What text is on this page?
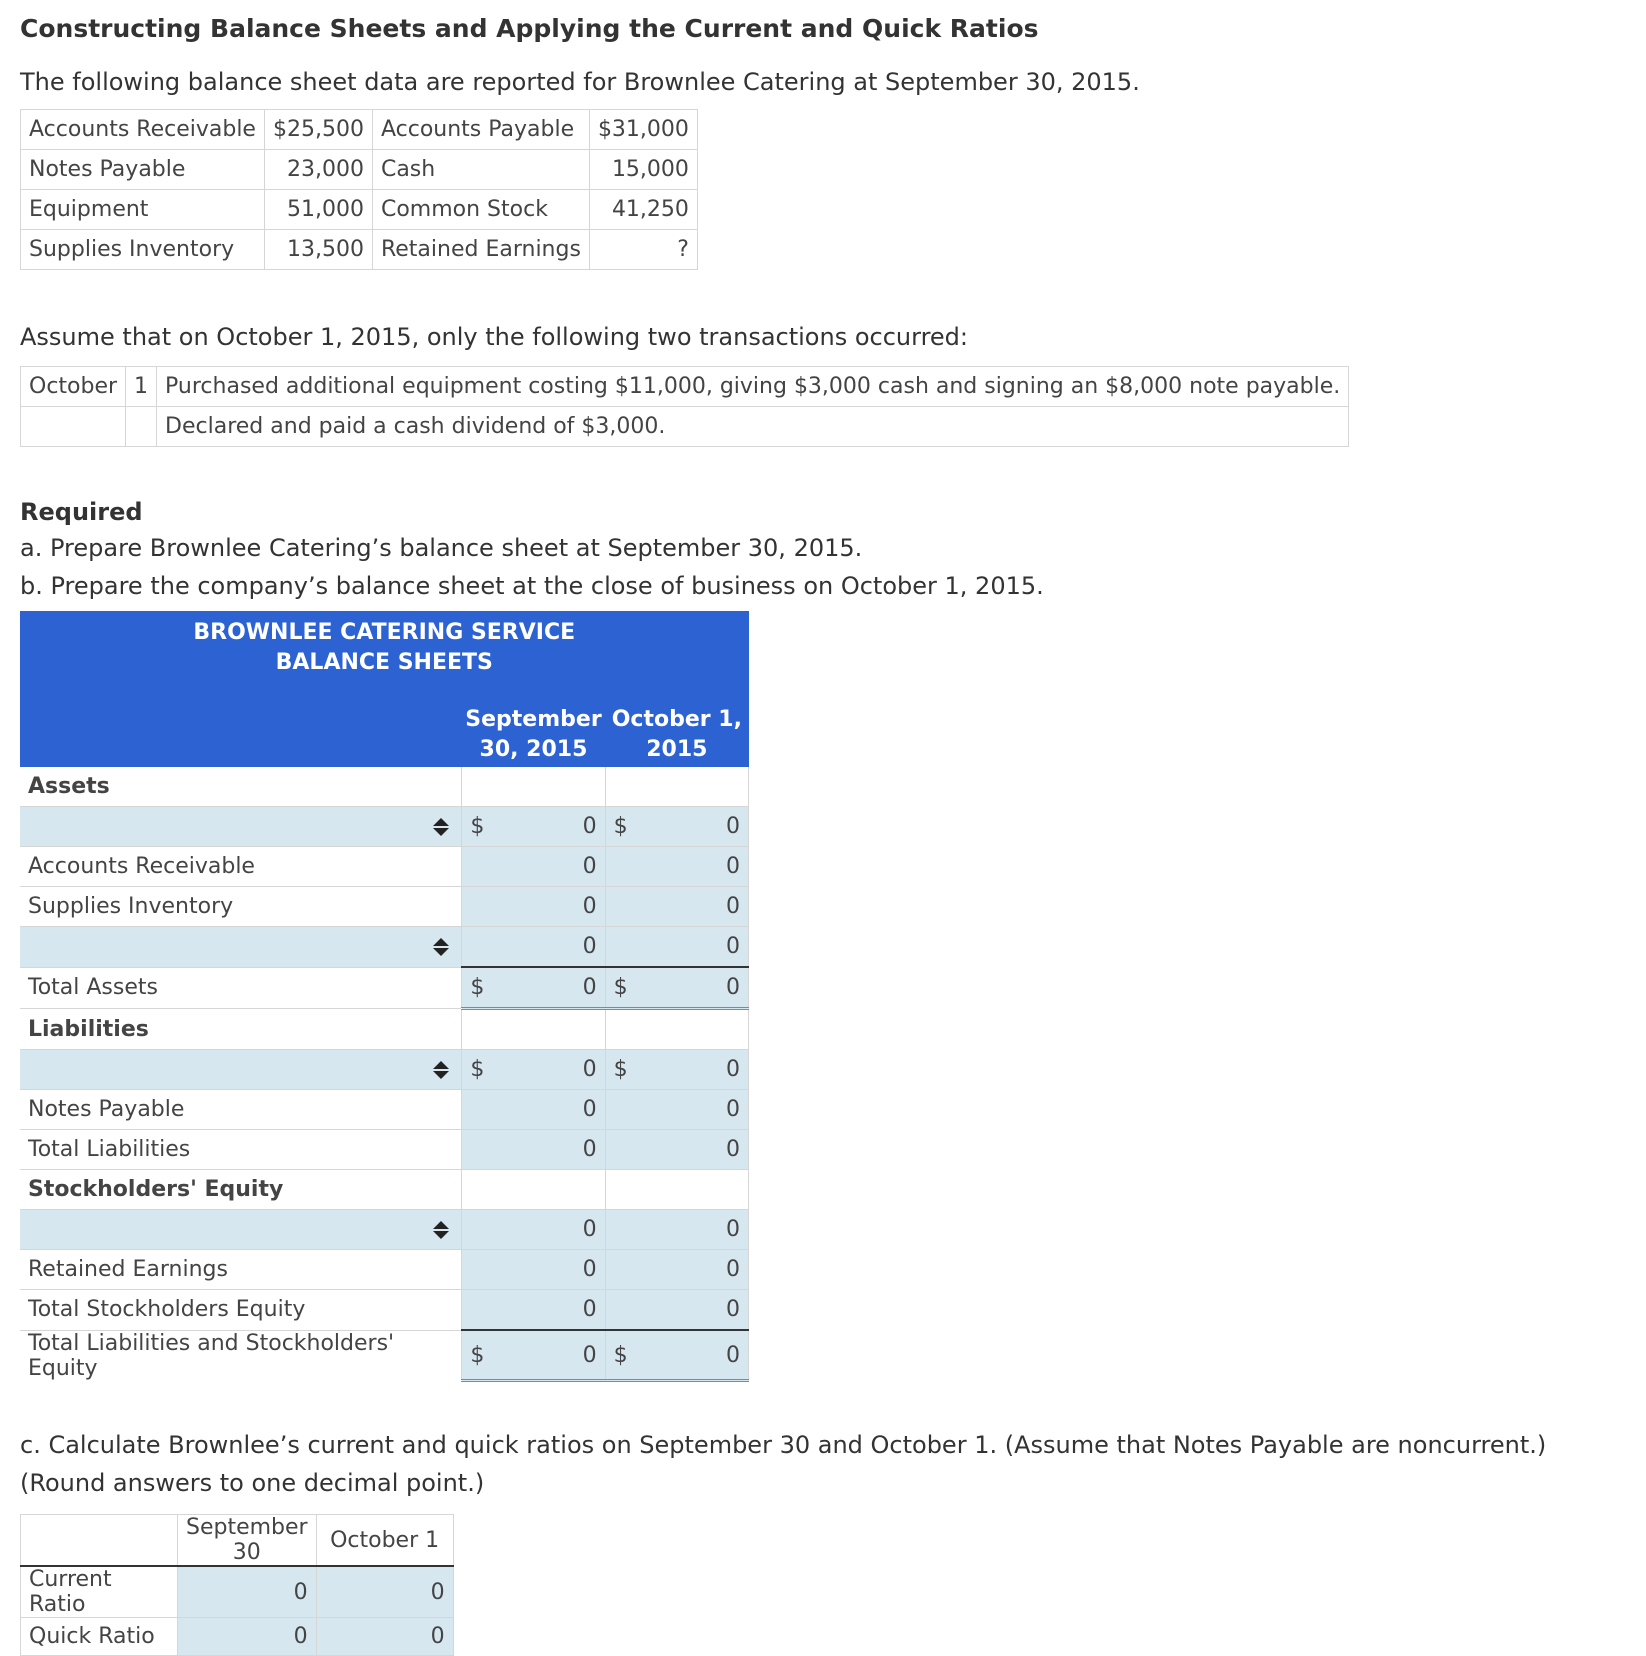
Constructing Balance Sheets and Applying the Current and Quick Ratios

The following balance sheet data are reported for Brownlee Catering at September 30, 2015.

Accounts Receivable	$25,500	Accounts Payable	$31,000
Notes Payable	23,000	Cash	15,000
Equipment	51,000	Common Stock	41,250
Supplies Inventory	13,500	Retained Earnings	?

Assume that on October 1, 2015, only the following two transactions occurred:

October	1	Purchased additional equipment costing $11,000, giving $3,000 cash and signing an $8,000 note payable.
		Declared and paid a cash dividend of $3,000.

Required

a. Prepare Brownlee Catering’s balance sheet at September 30, 2015.

b. Prepare the company’s balance sheet at the close of business on October 1, 2015.

BROWNLEE CATERING SERVICE		
BALANCE SHEETS		
	September 30, 2015	October 1, 2015
Assets		

	$ 0	$ 0

Accounts Receivable	0	0

Supplies Inventory	0	0

	0	0

Total Assets	$ 0	$ 0

Liabilities		

	$ 0	$ 0

Notes Payable	0	0

Total Liabilities	0	0

Stockholders' Equity		

	0	0

Retained Earnings	0	0

Total Stockholders Equity	0	0

Total Liabilities and Stockholders' Equity	$ 0	$ 0

c. Calculate Brownlee’s current and quick ratios on September 30 and October 1. (Assume that Notes Payable are noncurrent.) (Round answers to one decimal point.)

	September 30	October 1
Current Ratio	0	0
Quick Ratio	0	0
